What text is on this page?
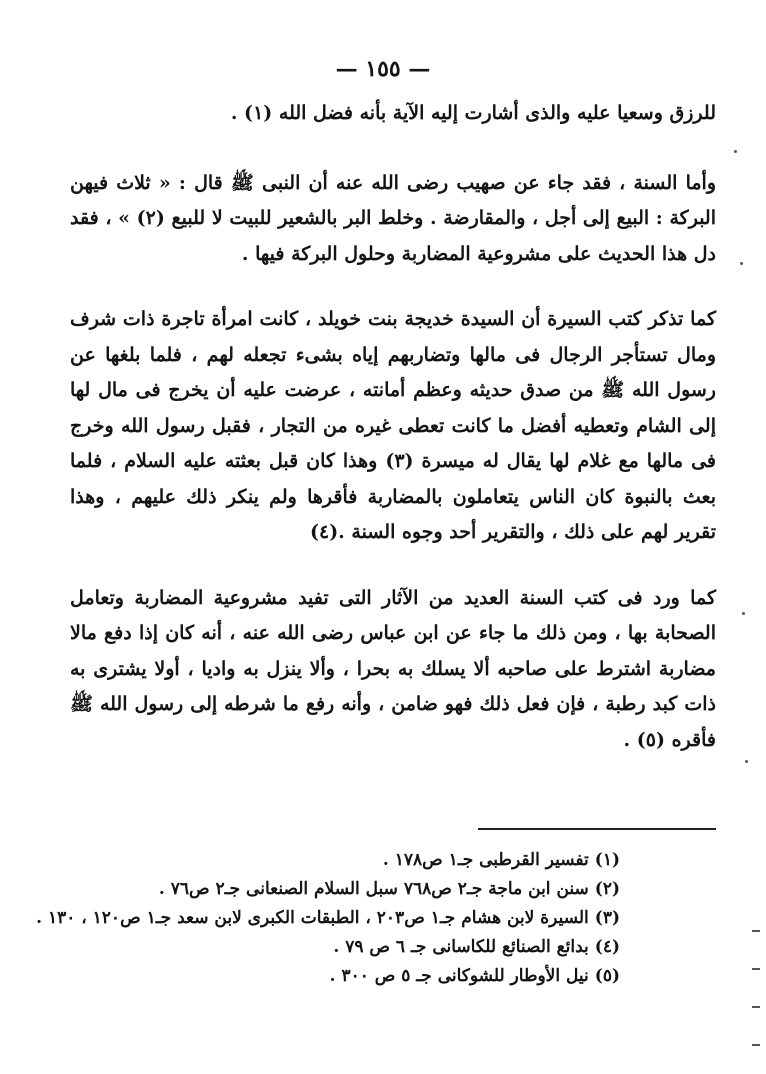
— ١٥٥ —

للرزق وسعيا عليه والذى أشارت إليه الآية بأنه فضل الله (١) .

وأما السنة ، فقد جاء عن صهيب رضى الله عنه أن النبى ﷺ قال : « ثلاث فيهن البركة : البيع إلى أجل ، والمقارضة . وخلط البر بالشعير للبيت لا للبيع (٢) » ، فقد دل هذا الحديث على مشروعية المضاربة وحلول البركة فيها .

كما تذكر كتب السيرة أن السيدة خديجة بنت خويلد ، كانت امرأة تاجرة ذات شرف ومال تستأجر الرجال فى مالها وتضاربهم إياه بشىء تجعله لهم ، فلما بلغها عن رسول الله ﷺ من صدق حديثه وعظم أمانته ، عرضت عليه أن يخرج فى مال لها إلى الشام وتعطيه أفضل ما كانت تعطى غيره من التجار ، فقبل رسول الله وخرج فى مالها مع غلام لها يقال له ميسرة (٣) وهذا كان قبل بعثته عليه السلام ، فلما بعث بالنبوة كان الناس يتعاملون بالمضاربة فأقرها ولم ينكر ذلك عليهم ، وهذا تقرير لهم على ذلك ، والتقرير أحد وجوه السنة .(٤)

كما ورد فى كتب السنة العديد من الآثار التى تفيد مشروعية المضاربة وتعامل الصحابة بها ، ومن ذلك ما جاء عن ابن عباس رضى الله عنه ، أنه كان إذا دفع مالا مضاربة اشترط على صاحبه ألا يسلك به بحرا ، وألا ينزل به واديا ، أولا يشترى به ذات كبد رطبة ، فإن فعل ذلك فهو ضامن ، وأنه رفع ما شرطه إلى رسول الله ﷺ فأقره (٥) .

(١)تفسير القرطبى جـ١ ص١٧٨ .
(٢)سنن ابن ماجة جـ٢ ص٧٦٨ سبل السلام الصنعانى جـ٢ ص٧٦ .
(٣)السيرة لابن هشام جـ١ ص٢٠٣ ، الطبقات الكبرى لابن سعد جـ١ ص١٢٠ ، ١٣٠ .
(٤)بدائع الصنائع للكاسانى جـ ٦ ص ٧٩ .
(٥)نيل الأوطار للشوكانى جـ ٥ ص ٣٠٠ .
